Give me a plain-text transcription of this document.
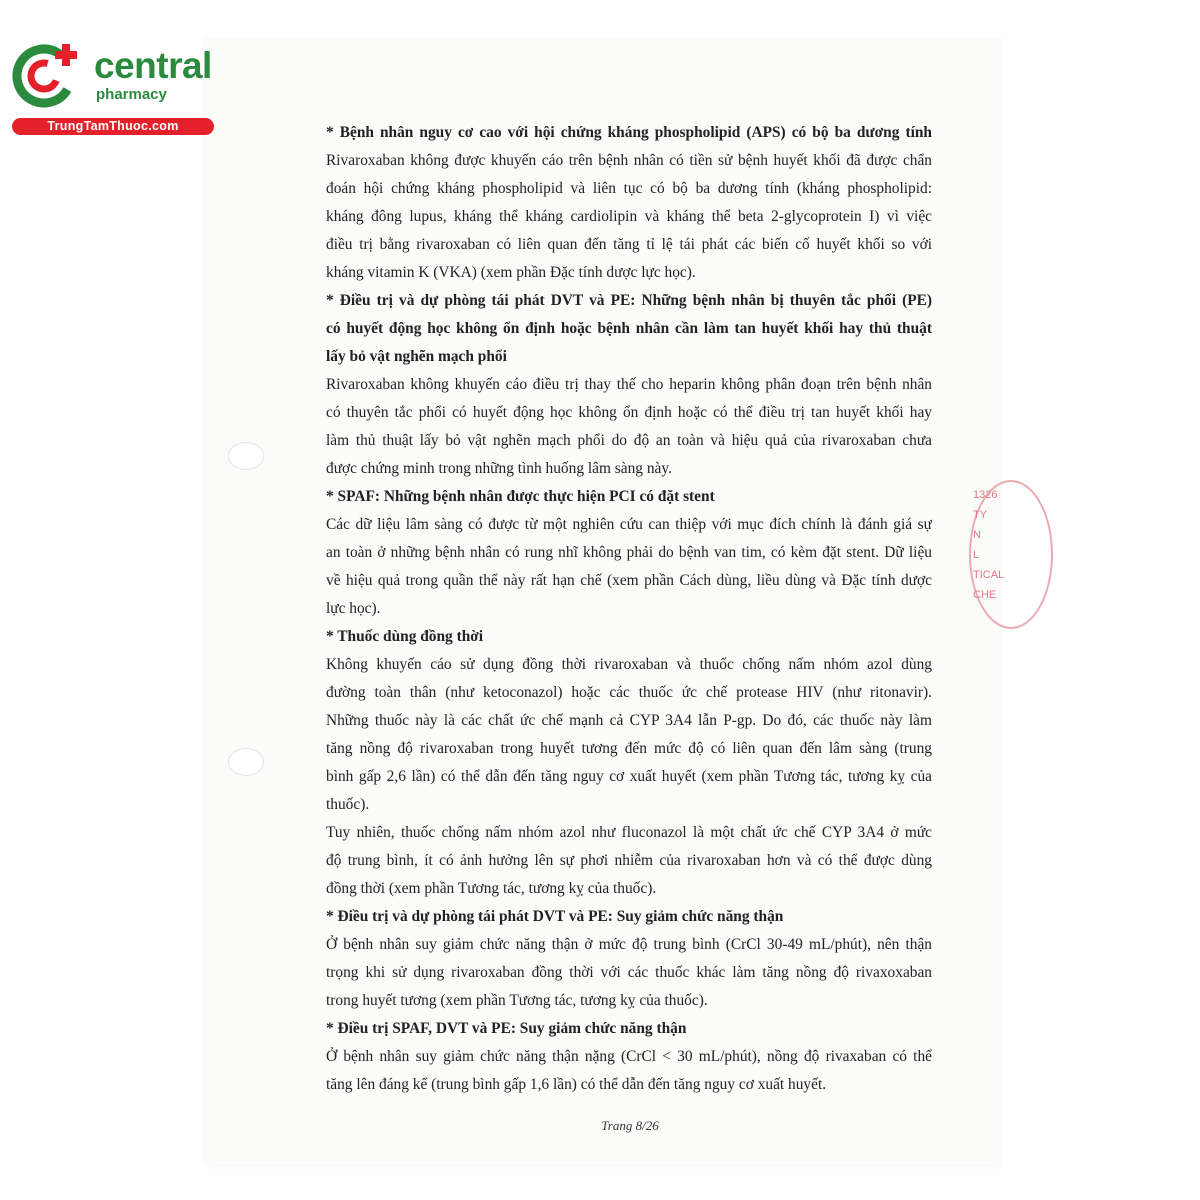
central
pharmacy
TrungTamThuoc.com
1326
TY
N
L
TICAL
CHE
* Bệnh nhân nguy cơ cao với hội chứng kháng phospholipid (APS) có bộ ba dương tính
Rivaroxaban không được khuyến cáo trên bệnh nhân có tiền sử bệnh huyết khối đã được chẩn
đoán hội chứng kháng phospholipid và liên tục có bộ ba dương tính (kháng phospholipid:
kháng đông lupus, kháng thể kháng cardiolipin và kháng thể beta 2-glycoprotein I) vì việc
điều trị bằng rivaroxaban có liên quan đến tăng tỉ lệ tái phát các biến cố huyết khối so với
kháng vitamin K (VKA) (xem phần Đặc tính dược lực học).
* Điều trị và dự phòng tái phát DVT và PE: Những bệnh nhân bị thuyên tắc phổi (PE)
có huyết động học không ổn định hoặc bệnh nhân cần làm tan huyết khối hay thủ thuật
lấy bỏ vật nghẽn mạch phổi
Rivaroxaban không khuyến cáo điều trị thay thế cho heparin không phân đoạn trên bệnh nhân
có thuyên tắc phổi có huyết động học không ổn định hoặc có thể điều trị tan huyết khối hay
làm thủ thuật lấy bỏ vật nghẽn mạch phổi do độ an toàn và hiệu quả của rivaroxaban chưa
được chứng minh trong những tình huống lâm sàng này.
* SPAF: Những bệnh nhân được thực hiện PCI có đặt stent
Các dữ liệu lâm sàng có được từ một nghiên cứu can thiệp với mục đích chính là đánh giá sự
an toàn ở những bệnh nhân có rung nhĩ không phải do bệnh van tim, có kèm đặt stent. Dữ liệu
về hiệu quả trong quần thể này rất hạn chế (xem phần Cách dùng, liều dùng và Đặc tính dược
lực học).
* Thuốc dùng đồng thời
Không khuyến cáo sử dụng đồng thời rivaroxaban và thuốc chống nấm nhóm azol dùng
đường toàn thân (như ketoconazol) hoặc các thuốc ức chế protease HIV (như ritonavir).
Những thuốc này là các chất ức chế mạnh cả CYP 3A4 lẫn P-gp. Do đó, các thuốc này làm
tăng nồng độ rivaroxaban trong huyết tương đến mức độ có liên quan đến lâm sàng (trung
bình gấp 2,6 lần) có thể dẫn đến tăng nguy cơ xuất huyết (xem phần Tương tác, tương kỵ của
thuốc).
Tuy nhiên, thuốc chống nấm nhóm azol như fluconazol là một chất ức chế CYP 3A4 ở mức
độ trung bình, ít có ảnh hưởng lên sự phơi nhiễm của rivaroxaban hơn và có thể được dùng
đồng thời (xem phần Tương tác, tương kỵ của thuốc).
* Điều trị và dự phòng tái phát DVT và PE: Suy giảm chức năng thận
Ở bệnh nhân suy giảm chức năng thận ở mức độ trung bình (CrCl 30-49 mL/phút), nên thận
trọng khi sử dụng rivaroxaban đồng thời với các thuốc khác làm tăng nồng độ rivaxoxaban
trong huyết tương (xem phần Tương tác, tương kỵ của thuốc).
* Điều trị SPAF, DVT và PE: Suy giảm chức năng thận
Ở bệnh nhân suy giảm chức năng thận nặng (CrCl < 30 mL/phút), nồng độ rivaxaban có thể
tăng lên đáng kể (trung bình gấp 1,6 lần) có thể dẫn đến tăng nguy cơ xuất huyết.
Trang 8/26
